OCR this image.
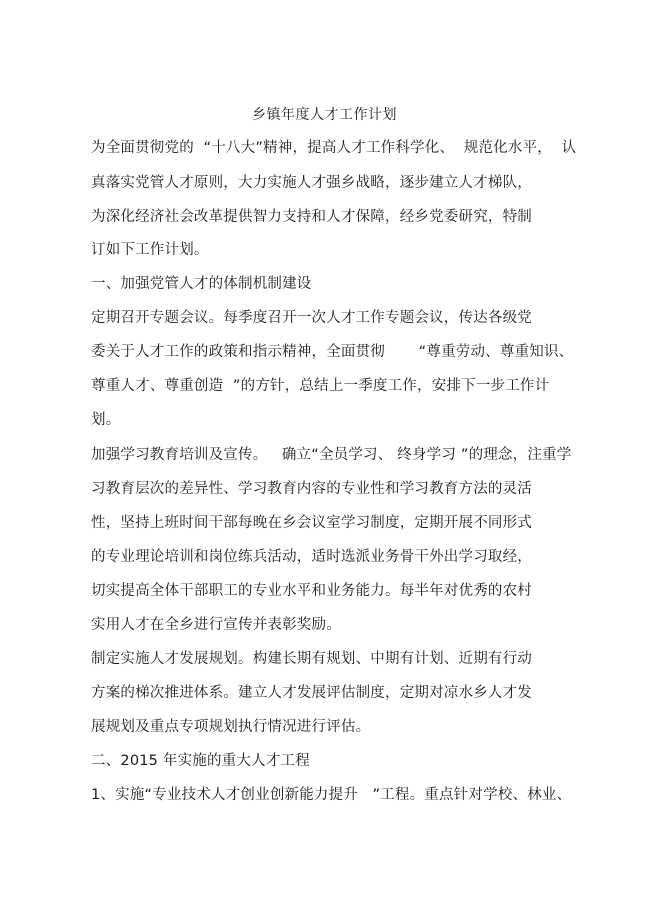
乡镇年度人才工作计划
为全面贯彻党的  “十八大”精神，提高人才工作科学化、  规范化水平，  认
真落实党管人才原则，大力实施人才强乡战略，逐步建立人才梯队，
为深化经济社会改革提供智力支持和人才保障，经乡党委研究，特制
订如下工作计划。
一、加强党管人才的体制机制建设
定期召开专题会议。每季度召开一次人才工作专题会议，传达各级党
委关于人才工作的政策和指示精神，全面贯彻       “尊重劳动、尊重知识、
尊重人才、尊重创造  ”的方针，总结上一季度工作，安排下一步工作计
划。
加强学习教育培训及宣传。   确立“全员学习、 终身学习 ”的理念，注重学
习教育层次的差异性、学习教育内容的专业性和学习教育方法的灵活
性，坚持上班时间干部每晚在乡会议室学习制度，定期开展不同形式
的专业理论培训和岗位练兵活动，适时选派业务骨干外出学习取经，
切实提高全体干部职工的专业水平和业务能力。每半年对优秀的农村
实用人才在全乡进行宣传并表彰奖励。
制定实施人才发展规划。构建长期有规划、中期有计划、近期有行动
方案的梯次推进体系。建立人才发展评估制度，定期对凉水乡人才发
展规划及重点专项规划执行情况进行评估。
二、2015 年实施的重大人才工程
1、实施“专业技术人才创业创新能力提升   ”工程。重点针对学校、林业、
